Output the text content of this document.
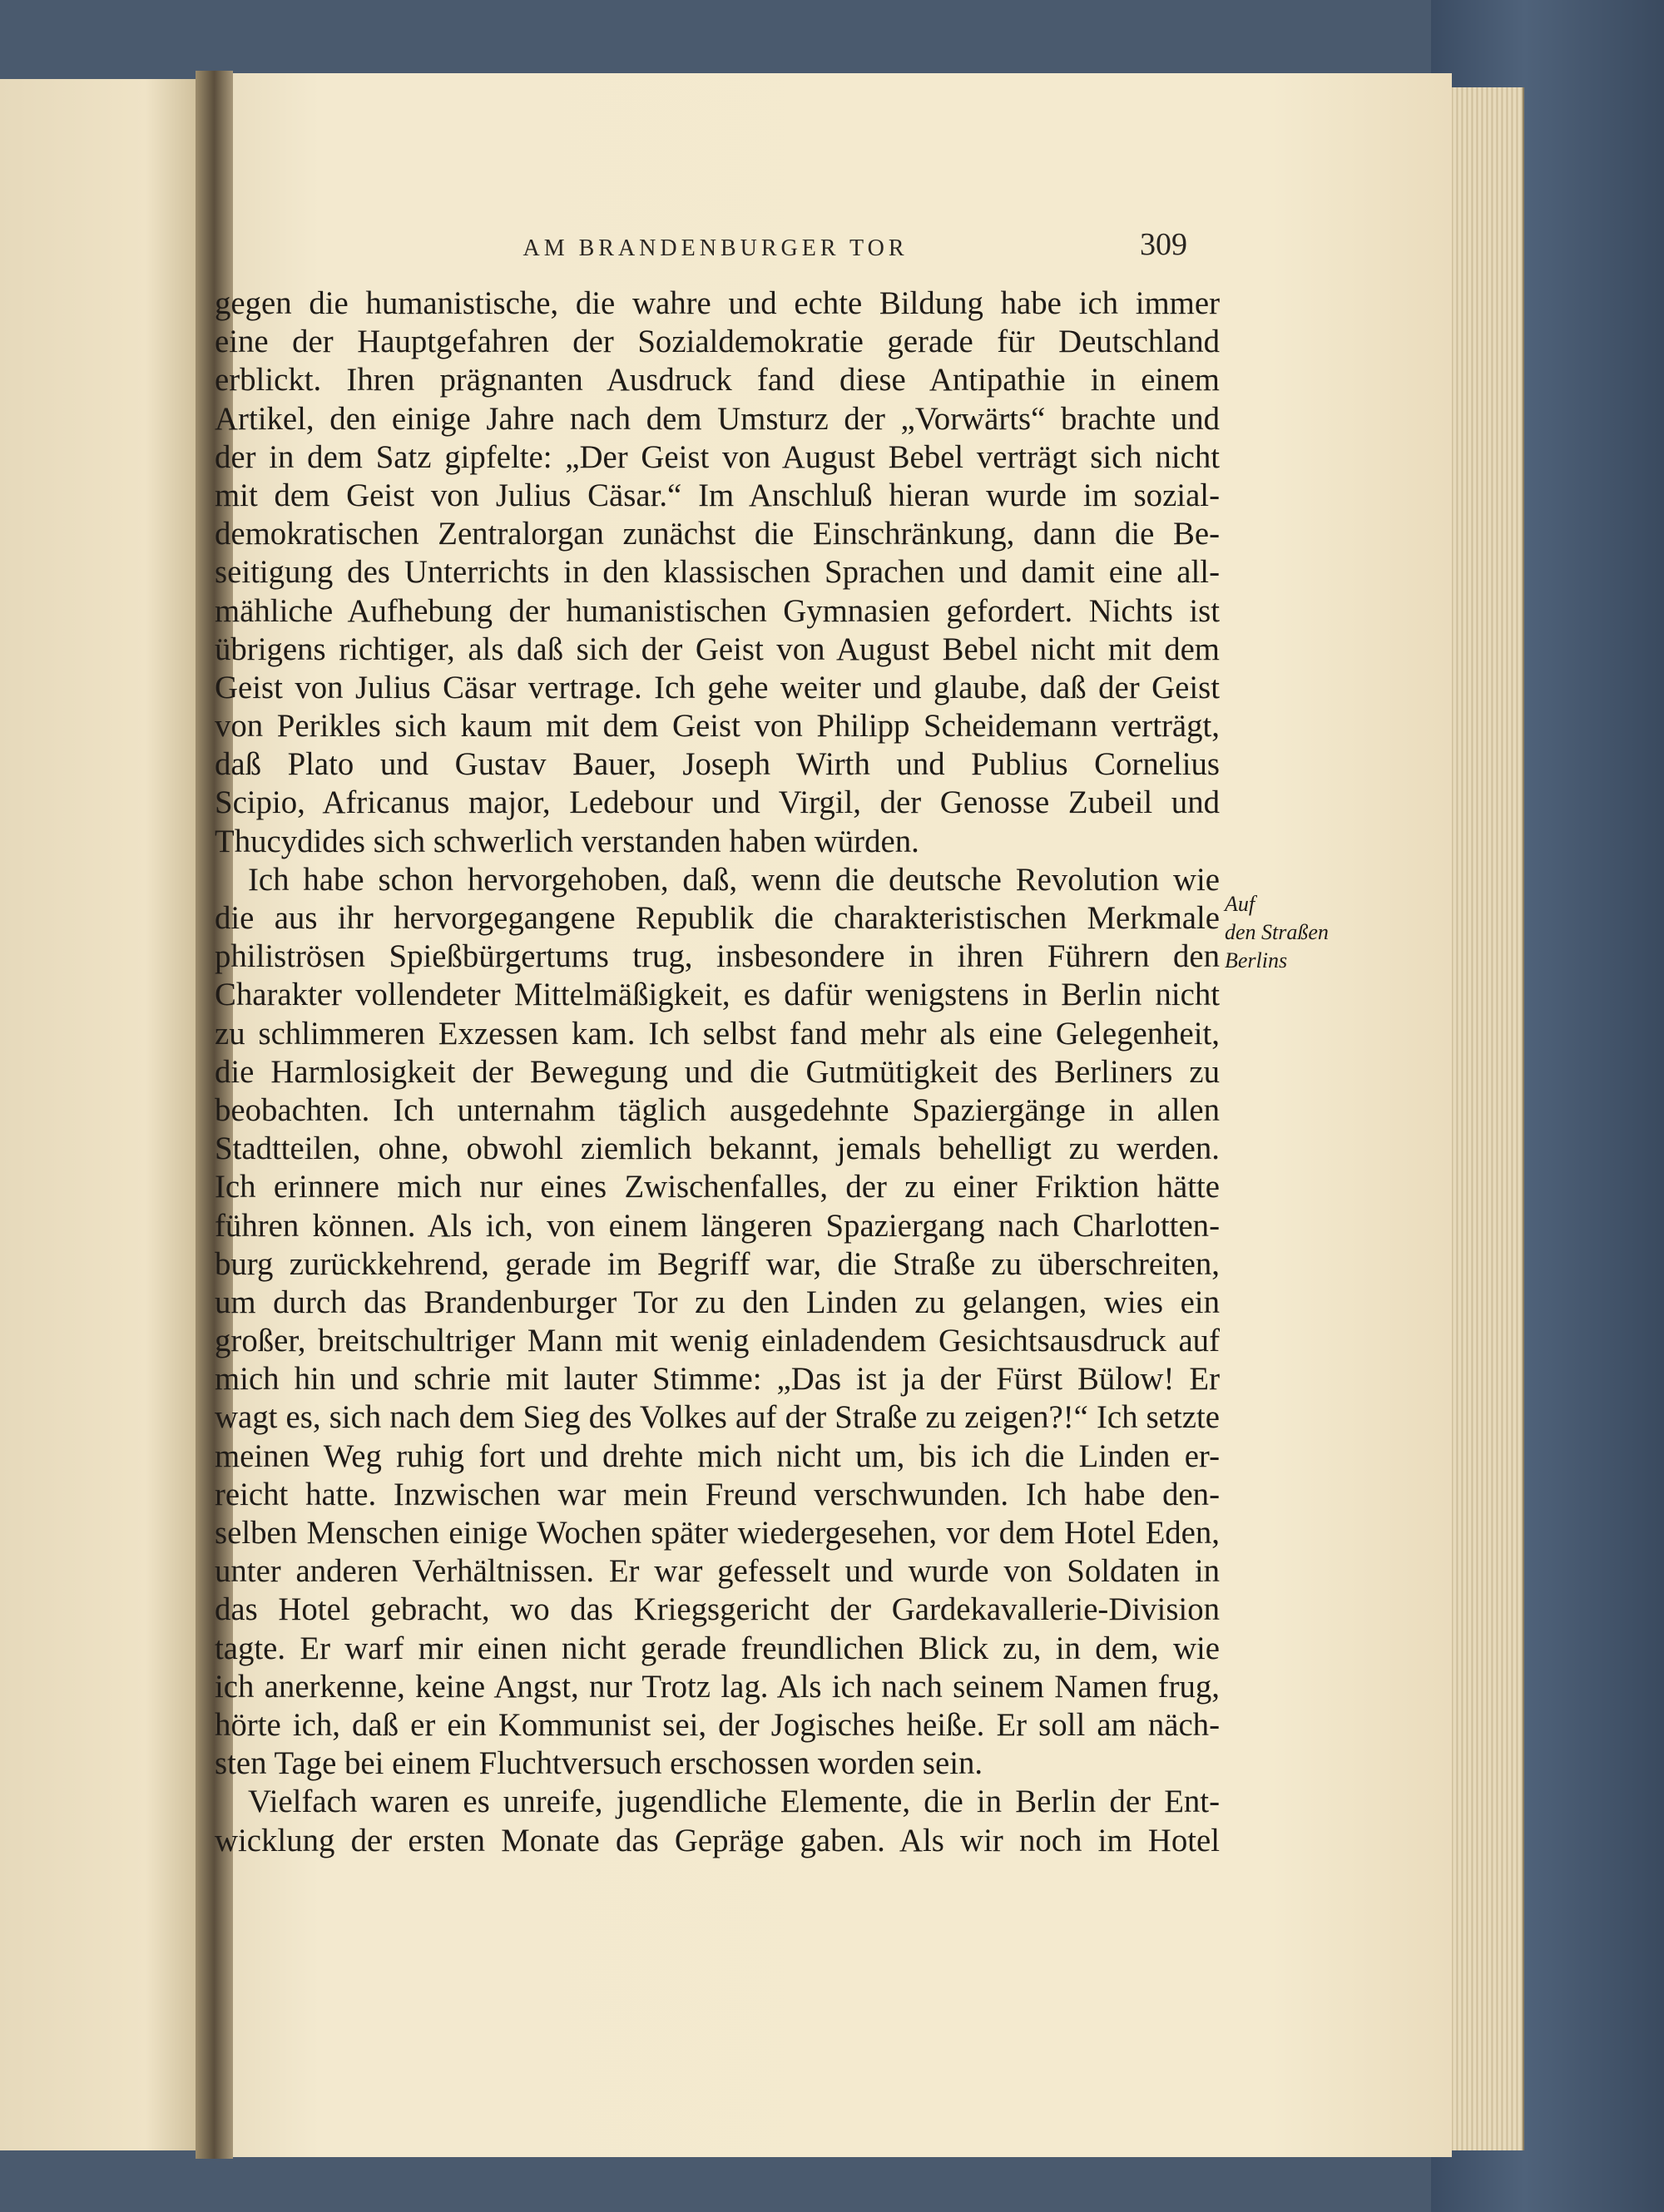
AM BRANDENBURGER TOR	309
gegen die humanistische, die wahre und echte Bildung habe ich immer
eine der Hauptgefahren der Sozialdemokratie gerade für Deutschland
erblickt. Ihren prägnanten Ausdruck fand diese Antipathie in einem
Artikel, den einige Jahre nach dem Umsturz der „Vorwärts“ brachte und
der in dem Satz gipfelte: „Der Geist von August Bebel verträgt sich nicht
mit dem Geist von Julius Cäsar.“ Im Anschluß hieran wurde im sozial-
demokratischen Zentralorgan zunächst die Einschränkung, dann die Be-
seitigung des Unterrichts in den klassischen Sprachen und damit eine all-
mähliche Aufhebung der humanistischen Gymnasien gefordert. Nichts ist
übrigens richtiger, als daß sich der Geist von August Bebel nicht mit dem
Geist von Julius Cäsar vertrage. Ich gehe weiter und glaube, daß der Geist
von Perikles sich kaum mit dem Geist von Philipp Scheidemann verträgt,
daß Plato und Gustav Bauer, Joseph Wirth und Publius Cornelius
Scipio, Africanus major, Ledebour und Virgil, der Genosse Zubeil und
Thucydides sich schwerlich verstanden haben würden.
Ich habe schon hervorgehoben, daß, wenn die deutsche Revolution wie
die aus ihr hervorgegangene Republik die charakteristischen Merkmale
philiströsen Spießbürgertums trug, insbesondere in ihren Führern den
Charakter vollendeter Mittelmäßigkeit, es dafür wenigstens in Berlin nicht
zu schlimmeren Exzessen kam. Ich selbst fand mehr als eine Gelegenheit,
die Harmlosigkeit der Bewegung und die Gutmütigkeit des Berliners zu
beobachten. Ich unternahm täglich ausgedehnte Spaziergänge in allen
Stadtteilen, ohne, obwohl ziemlich bekannt, jemals behelligt zu werden.
Ich erinnere mich nur eines Zwischenfalles, der zu einer Friktion hätte
führen können. Als ich, von einem längeren Spaziergang nach Charlotten-
burg zurückkehrend, gerade im Begriff war, die Straße zu überschreiten,
um durch das Brandenburger Tor zu den Linden zu gelangen, wies ein
großer, breitschultriger Mann mit wenig einladendem Gesichtsausdruck auf
mich hin und schrie mit lauter Stimme: „Das ist ja der Fürst Bülow! Er
wagt es, sich nach dem Sieg des Volkes auf der Straße zu zeigen?!“ Ich setzte
meinen Weg ruhig fort und drehte mich nicht um, bis ich die Linden er-
reicht hatte. Inzwischen war mein Freund verschwunden. Ich habe den-
selben Menschen einige Wochen später wiedergesehen, vor dem Hotel Eden,
unter anderen Verhältnissen. Er war gefesselt und wurde von Soldaten in
das Hotel gebracht, wo das Kriegsgericht der Gardekavallerie-Division
tagte. Er warf mir einen nicht gerade freundlichen Blick zu, in dem, wie
ich anerkenne, keine Angst, nur Trotz lag. Als ich nach seinem Namen frug,
hörte ich, daß er ein Kommunist sei, der Jogisches heiße. Er soll am näch-
sten Tage bei einem Fluchtversuch erschossen worden sein.
Vielfach waren es unreife, jugendliche Elemente, die in Berlin der Ent-
wicklung der ersten Monate das Gepräge gaben. Als wir noch im Hotel
Auf
den Straßen
Berlins
